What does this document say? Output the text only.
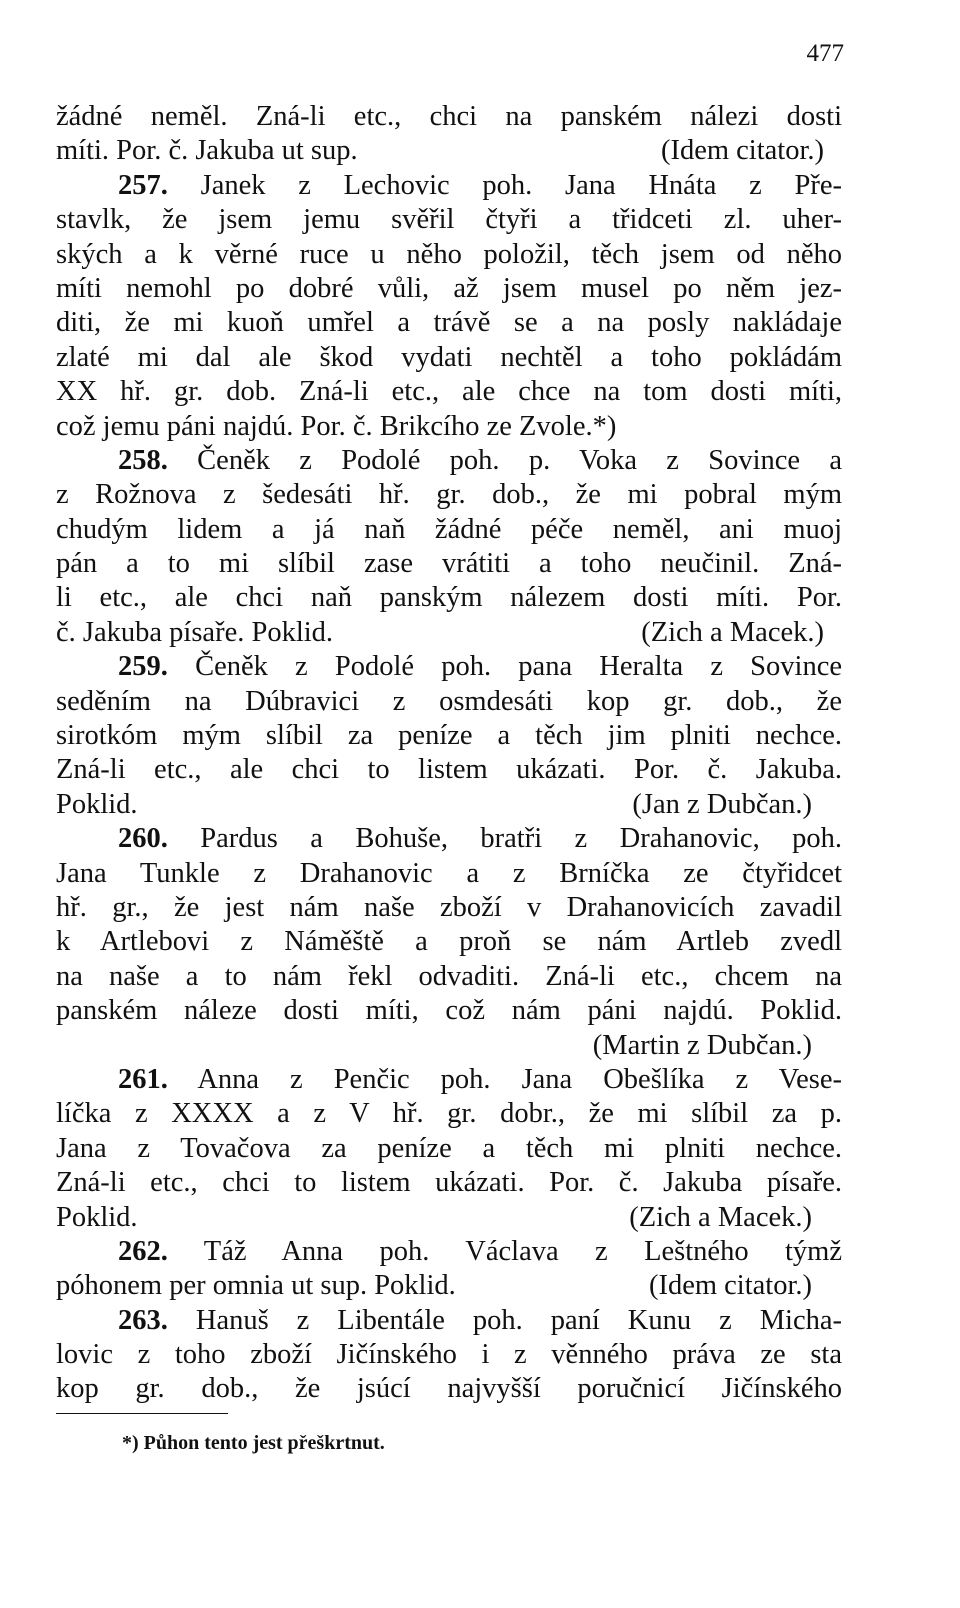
477
žádné neměl. Zná-li etc., chci na panském nálezi dosti
míti. Por. č. Jakuba ut sup.	(Idem citator.)
257. Janek z Lechovic poh. Jana Hnáta z Pře-
stavlk, že jsem jemu svěřil čtyři a třidceti zl. uher-
ských a k věrné ruce u něho položil, těch jsem od něho
míti nemohl po dobré vůli, až jsem musel po něm jez-
diti, že mi kuoň umřel a trávě se a na posly nakládaje
zlaté mi dal ale škod vydati nechtěl a toho pokládám
XX hř. gr. dob. Zná-li etc., ale chce na tom dosti míti,
což jemu páni najdú. Por. č. Brikcího ze Zvole.*)
258. Čeněk z Podolé poh. p. Voka z Sovince a
z Rožnova z šedesáti hř. gr. dob., že mi pobral mým
chudým lidem a já naň žádné péče neměl, ani muoj
pán a to mi slíbil zase vrátiti a toho neučinil. Zná-
li etc., ale chci naň panským nálezem dosti míti. Por.
č. Jakuba písaře. Poklid.	(Zich a Macek.)
259. Čeněk z Podolé poh. pana Heralta z Sovince
seděním na Dúbravici z osmdesáti kop gr. dob., že
sirotkóm mým slíbil za peníze a těch jim plniti nechce.
Zná-li etc., ale chci to listem ukázati. Por. č. Jakuba.
Poklid.	(Jan z Dubčan.)
260. Pardus a Bohuše, bratři z Drahanovic, poh.
Jana Tunkle z Drahanovic a z Brníčka ze čtyřidcet
hř. gr., že jest nám naše zboží v Drahanovicích zavadil
k Artlebovi z Náměště a proň se nám Artleb zvedl
na naše a to nám řekl odvaditi. Zná-li etc., chcem na
panském náleze dosti míti, což nám páni najdú. Poklid.
(Martin z Dubčan.)
261. Anna z Penčic poh. Jana Obešlíka z Vese-
líčka z XXXX a z V hř. gr. dobr., že mi slíbil za p.
Jana z Tovačova za peníze a těch mi plniti nechce.
Zná-li etc., chci to listem ukázati. Por. č. Jakuba písaře.
Poklid.	(Zich a Macek.)
262. Táž Anna poh. Václava z Leštného týmž
póhonem per omnia ut sup. Poklid.	(Idem citator.)
263. Hanuš z Libentále poh. paní Kunu z Micha-
lovic z toho zboží Jičínského i z věnného práva ze sta
kop gr. dob., že jsúcí najvyšší poručnicí Jičínského
*) Půhon tento jest přeškrtnut.
